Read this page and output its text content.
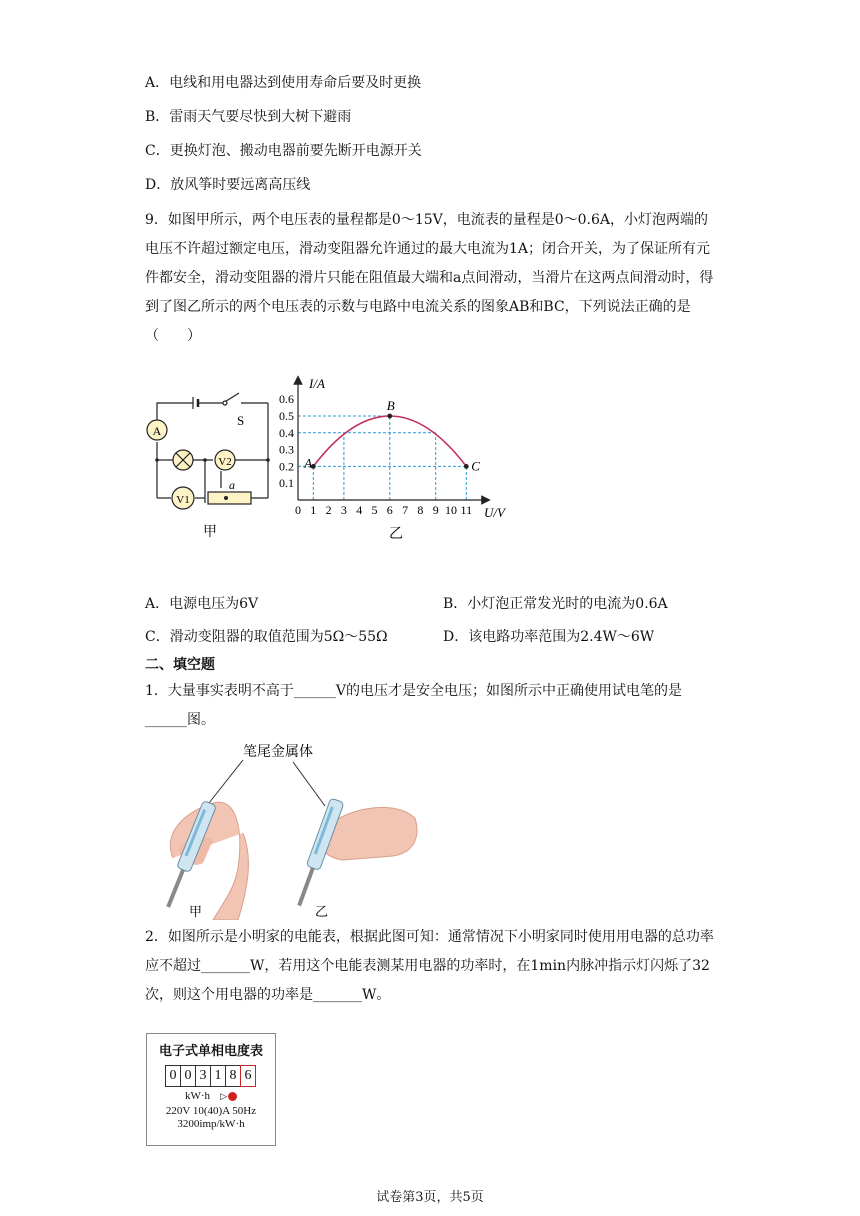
A．电线和用电器达到使用寿命后要及时更换
B．雷雨天气要尽快到大树下避雨
C．更换灯泡、搬动电器前要先断开电源开关
D．放风筝时要远离高压线
9．如图甲所示，两个电压表的量程都是0～15V，电流表的量程是0～0.6A，小灯泡两端的电压不许超过额定电压，滑动变阻器允许通过的最大电流为1A；闭合开关，为了保证所有元件都安全，滑动变阻器的滑片只能在阻值最大端和a点间滑动，当滑片在这两点间滑动时，得到了图乙所示的两个电压表的示数与电路中电流关系的图象AB和BC，下列说法正确的是（　　）
A
V2
V1
a
S
甲
0 1 2 3 4 5 6 7 8 9 10 11
0.1
0.2
0.3
0.4
0.5
0.6
A
B
C
I/A
U/V
乙
A．电源电压为6V	B．小灯泡正常发光时的电流为0.6A
C．滑动变阻器的取值范围为5Ω～55Ω	D．该电路功率范围为2.4W～6W
二、填空题
1．大量事实表明不高于______V的电压才是安全电压；如图所示中正确使用试电笔的是______图。
笔尾金属体
甲	乙
2．如图所示是小明家的电能表，根据此图可知：通常情况下小明家同时使用用电器的总功率应不超过_______W，若用这个电能表测某用电器的功率时，在1min内脉冲指示灯闪烁了32次，则这个用电器的功率是_______W。
电子式单相电度表
0 0 3 1 8 6
kW·h ▷
220V 10(40)A 50Hz
3200imp/kW·h
试卷第3页，共5页
